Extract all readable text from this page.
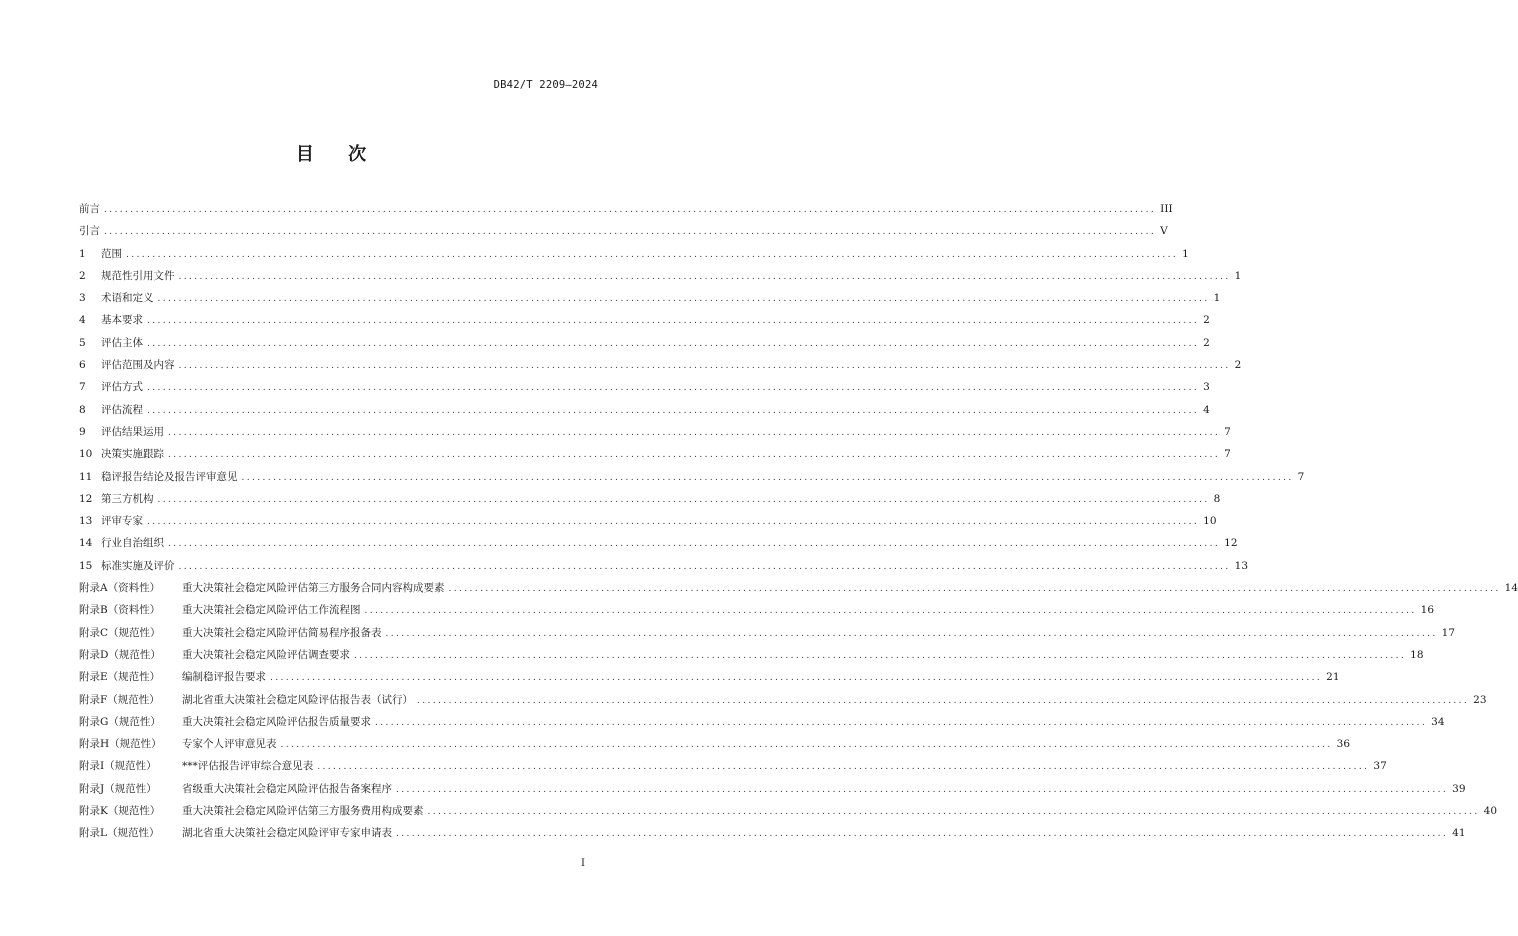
DB42/T 2209—2024
目 次
前言 ........................................................................................................................................................................................................ III
引言 ........................................................................................................................................................................................................ V
1	范围 ........................................................................................................................................................................................................ 1
2	规范性引用文件 ........................................................................................................................................................................................................ 1
3	术语和定义 ........................................................................................................................................................................................................ 1
4	基本要求 ........................................................................................................................................................................................................ 2
5	评估主体 ........................................................................................................................................................................................................ 2
6	评估范围及内容 ........................................................................................................................................................................................................ 2
7	评估方式 ........................................................................................................................................................................................................ 3
8	评估流程 ........................................................................................................................................................................................................ 4
9	评估结果运用 ........................................................................................................................................................................................................ 7
10 决策实施跟踪 ........................................................................................................................................................................................................ 7
11 稳评报告结论及报告评审意见 ........................................................................................................................................................................................................ 7
12 第三方机构 ........................................................................................................................................................................................................ 8
13 评审专家 ........................................................................................................................................................................................................ 10
14 行业自治组织 ........................................................................................................................................................................................................ 12
15 标准实施及评价 ........................................................................................................................................................................................................ 13
附录A（资料性）	重大决策社会稳定风险评估第三方服务合同内容构成要素 ........................................................................................................................................................................................................ 14
附录B（资料性）	重大决策社会稳定风险评估工作流程图 ........................................................................................................................................................................................................ 16
附录C（规范性）	重大决策社会稳定风险评估简易程序报备表 ........................................................................................................................................................................................................ 17
附录D（规范性）	重大决策社会稳定风险评估调查要求 ........................................................................................................................................................................................................ 18
附录E（规范性）	编制稳评报告要求 ........................................................................................................................................................................................................ 21
附录F（规范性）	湖北省重大决策社会稳定风险评估报告表（试行） ........................................................................................................................................................................................................ 23
附录G（规范性）	重大决策社会稳定风险评估报告质量要求 ........................................................................................................................................................................................................ 34
附录H（规范性）	专家个人评审意见表 ........................................................................................................................................................................................................ 36
附录I（规范性）	***评估报告评审综合意见表 ........................................................................................................................................................................................................ 37
附录J（规范性）	省级重大决策社会稳定风险评估报告备案程序 ........................................................................................................................................................................................................ 39
附录K（规范性）	重大决策社会稳定风险评估第三方服务费用构成要素 ........................................................................................................................................................................................................ 40
附录L（规范性）	湖北省重大决策社会稳定风险评审专家申请表 ........................................................................................................................................................................................................ 41
I
